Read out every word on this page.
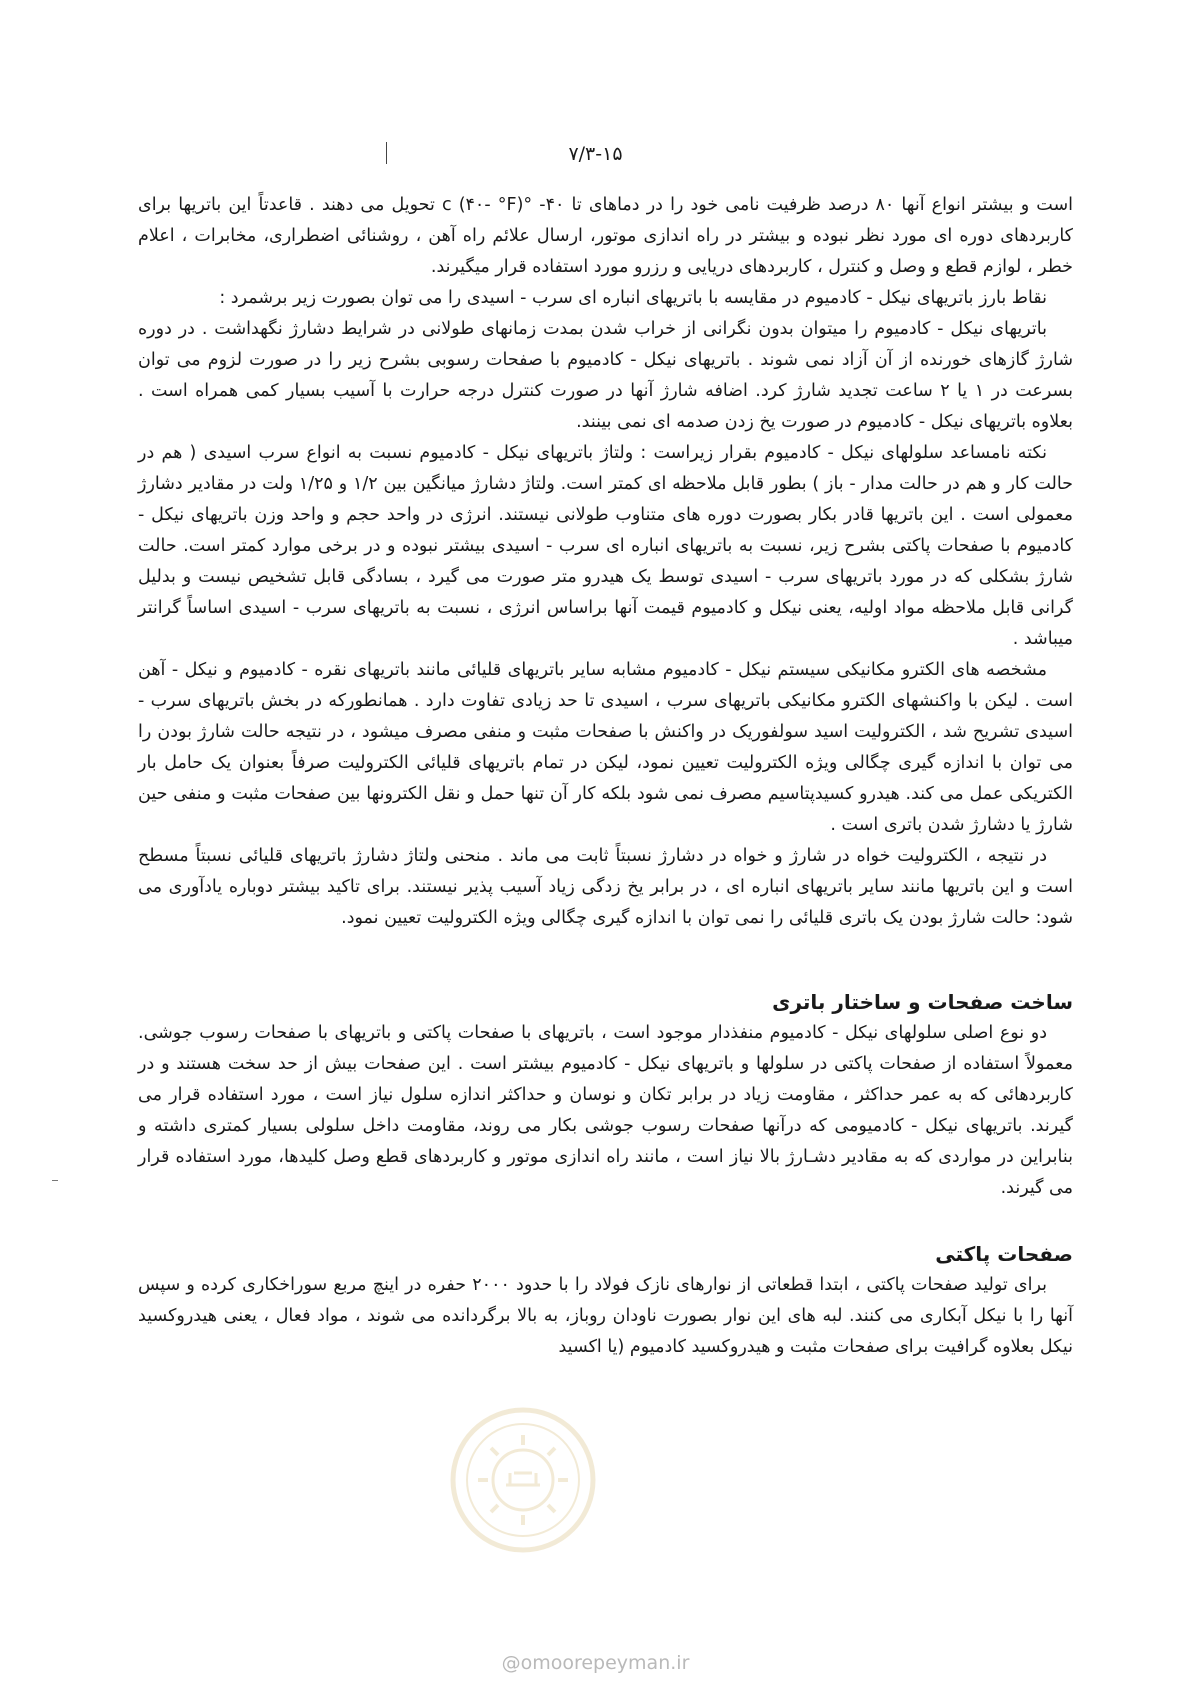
۷/۳-۱۵

است و بیشتر انواع آنها ۸۰ درصد ظرفیت نامی خود را در دماهای تا ۴۰- °c (۴۰- °F) تحویل می دهند . قاعدتاً این باتریها برای کاربردهای دوره ای مورد نظر نبوده و بیشتر در راه اندازی موتور، ارسال علائم راه آهن ، روشنائی اضطراری، مخابرات ، اعلام خطر ، لوازم قطع و وصل و کنترل ، کاربردهای دریایی و رزرو مورد استفاده قرار میگیرند.

نقاط بارز باتریهای نیکل - کادمیوم در مقایسه با باتریهای انباره ای سرب - اسیدی را می توان بصورت زیر برشمرد :

باتریهای نیکل - کادمیوم را میتوان بدون نگرانی از خراب شدن بمدت زمانهای طولانی در شرایط دشارژ نگهداشت . در دوره شارژ گازهای خورنده از آن آزاد نمی شوند . باتریهای نیکل - کادمیوم با صفحات رسوبی بشرح زیر را در صورت لزوم می توان بسرعت در ۱ یا ۲ ساعت تجدید شارژ کرد. اضافه شارژ آنها در صورت کنترل درجه حرارت با آسیب بسیار کمی همراه است . بعلاوه باتریهای نیکل - کادمیوم در صورت یخ زدن صدمه ای نمی بینند.

نکته نامساعد سلولهای نیکل - کادمیوم بقرار زیراست : ولتاژ باتریهای نیکل - کادمیوم نسبت به انواع سرب اسیدی ( هم در حالت کار و هم در حالت مدار - باز ) بطور قابل ملاحظه ای کمتر است. ولتاژ دشارژ میانگین بین ۱/۲ و ۱/۲۵ ولت در مقادیر دشارژ معمولی است . این باتریها قادر بکار بصورت دوره های متناوب طولانی نیستند. انرژی در واحد حجم و واحد وزن باتریهای نیکل - کادمیوم با صفحات پاکتی بشرح زیر، نسبت به باتریهای انباره ای سرب - اسیدی بیشتر نبوده و در برخی موارد کمتر است. حالت شارژ بشکلی که در مورد باتریهای سرب - اسیدی توسط یک هیدرو متر صورت می گیرد ، بسادگی قابل تشخیص نیست و بدلیل گرانی قابل ملاحظه مواد اولیه، یعنی نیکل و کادمیوم قیمت آنها براساس انرژی ، نسبت به باتریهای سرب - اسیدی اساساً گرانتر میباشد .

مشخصه های الکترو مکانیکی سیستم نیکل - کادمیوم مشابه سایر باتریهای قلیائی مانند باتریهای نقره - کادمیوم و نیکل - آهن است . لیکن با واکنشهای الکترو مکانیکی باتریهای سرب ، اسیدی تا حد زیادی تفاوت دارد . همانطورکه در بخش باتریهای سرب - اسیدی تشریح شد ، الکترولیت اسید سولفوریک در واکنش با صفحات مثبت و منفی مصرف میشود ، در نتیجه حالت شارژ بودن را می توان با اندازه گیری چگالی ویژه الکترولیت تعیین نمود، لیکن در تمام باتریهای قلیائی الکترولیت صرفاً بعنوان یک حامل بار الکتریکی عمل می کند. هیدرو کسیدپتاسیم مصرف نمی شود بلکه کار آن تنها حمل و نقل الکترونها بین صفحات مثبت و منفی حین شارژ یا دشارژ شدن باتری است .

در نتیجه ، الکترولیت خواه در شارژ و خواه در دشارژ نسبتاً ثابت می ماند . منحنی ولتاژ دشارژ باتریهای قلیائی نسبتاً مسطح است و این باتریها مانند سایر باتریهای انباره ای ، در برابر یخ زدگی زیاد آسیب پذیر نیستند. برای تاکید بیشتر دوباره یادآوری می شود: حالت شارژ بودن یک باتری قلیائی را نمی توان با اندازه گیری چگالی ویژه الکترولیت تعیین نمود.

ساخت صفحات و ساختار باتری

دو نوع اصلی سلولهای نیکل - کادمیوم منفذدار موجود است ، باتریهای با صفحات پاکتی و باتریهای با صفحات رسوب جوشی. معمولاً استفاده از صفحات پاکتی در سلولها و باتریهای نیکل - کادمیوم بیشتر است . این صفحات بیش از حد سخت هستند و در کاربردهائی که به عمر حداکثر ، مقاومت زیاد در برابر تکان و نوسان و حداکثر اندازه سلول نیاز است ، مورد استفاده قرار می گیرند. باتریهای نیکل - کادمیومی که درآنها صفحات رسوب جوشی بکار می روند، مقاومت داخل سلولی بسیار کمتری داشته و بنابراین در مواردی که به مقادیر دشـارژ بالا نیاز است ، مانند راه اندازی موتور و کاربردهای قطع وصل کلیدها، مورد استفاده قرار می گیرند.

صفحات پاکتی

برای تولید صفحات پاکتی ، ابتدا قطعاتی از نوارهای نازک فولاد را با حدود ۲۰۰۰ حفره در اینچ مربع سوراخکاری کرده و سپس آنها را با نیکل آبکاری می کنند. لبه های این نوار بصورت ناودان روباز، به بالا برگردانده می شوند ، مواد فعال ، یعنی هیدروکسید نیکل بعلاوه گرافیت برای صفحات مثبت و هیدروکسید کادمیوم (یا اکسید

@omoorepeyman.ir
